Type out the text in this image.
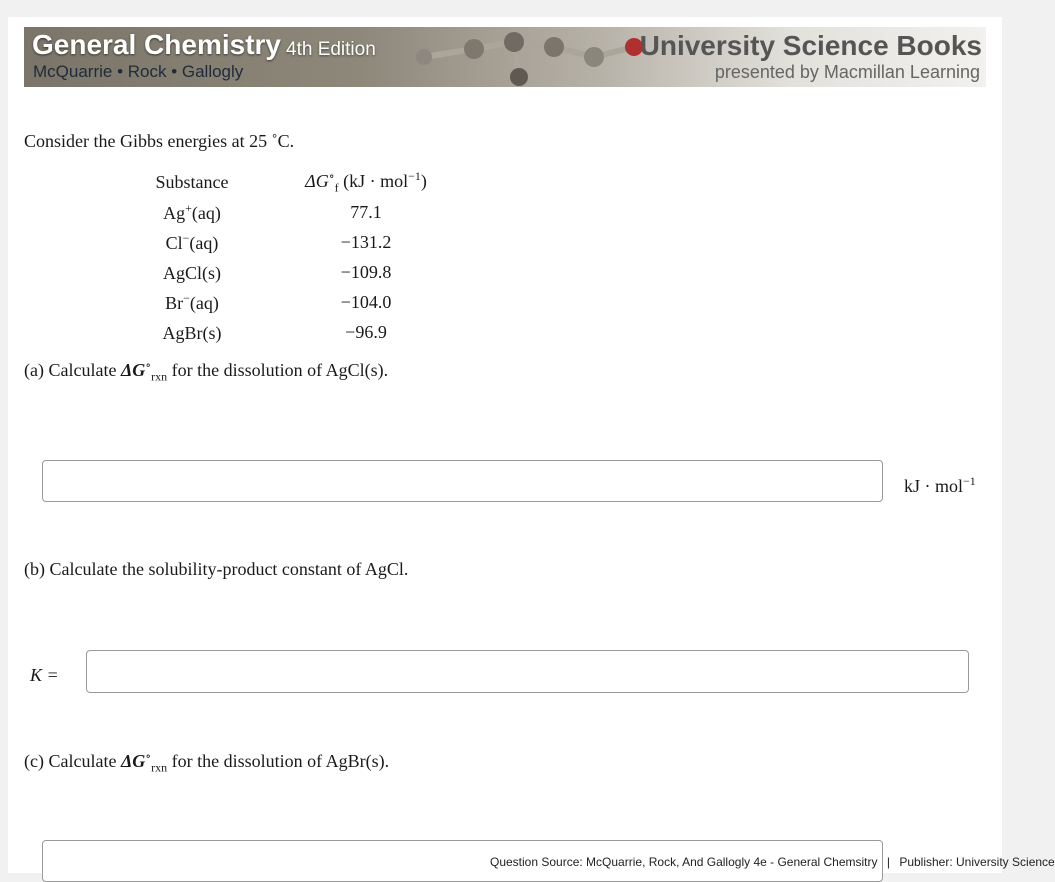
General Chemistry 4th Edition
McQuarrie • Rock • Gallogly
University Science Books
presented by Macmillan Learning
Consider the Gibbs energies at 25 ˚C.
Substance	$\Delta G^\circ_f$ (kJ · mol$^{-1}$)
Ag+(aq)	77.1
Cl−(aq)	−131.2
AgCl(s)	−109.8
Br−(aq)	−104.0
AgBr(s)	−96.9
(a) Calculate $\Delta G^\circ_{rxn}$ for the dissolution of AgCl(s).
kJ · mol$^{-1}$
(b) Calculate the solubility-product constant of AgCl.
K =
(c) Calculate $\Delta G^\circ_{rxn}$ for the dissolution of AgBr(s).
Question Source: McQuarrie, Rock, And Gallogly 4e - General Chemsitry | Publisher: University Science
